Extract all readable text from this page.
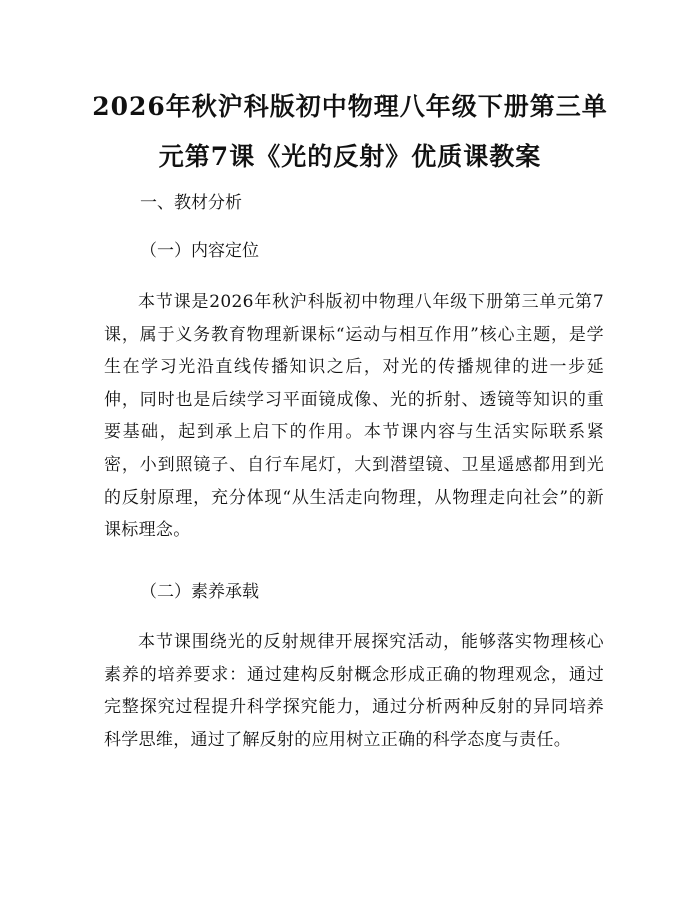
2026年秋沪科版初中物理八年级下册第三单元第7课《光的反射》优质课教案

一、教材分析

（一）内容定位

本节课是2026年秋沪科版初中物理八年级下册第三单元第7课，属于义务教育物理新课标“运动与相互作用”核心主题，是学生在学习光沿直线传播知识之后，对光的传播规律的进一步延伸，同时也是后续学习平面镜成像、光的折射、透镜等知识的重要基础，起到承上启下的作用。本节课内容与生活实际联系紧密，小到照镜子、自行车尾灯，大到潜望镜、卫星遥感都用到光的反射原理，充分体现“从生活走向物理，从物理走向社会”的新课标理念。

（二）素养承载

本节课围绕光的反射规律开展探究活动，能够落实物理核心素养的培养要求：通过建构反射概念形成正确的物理观念，通过完整探究过程提升科学探究能力，通过分析两种反射的异同培养科学思维，通过了解反射的应用树立正确的科学态度与责任。
